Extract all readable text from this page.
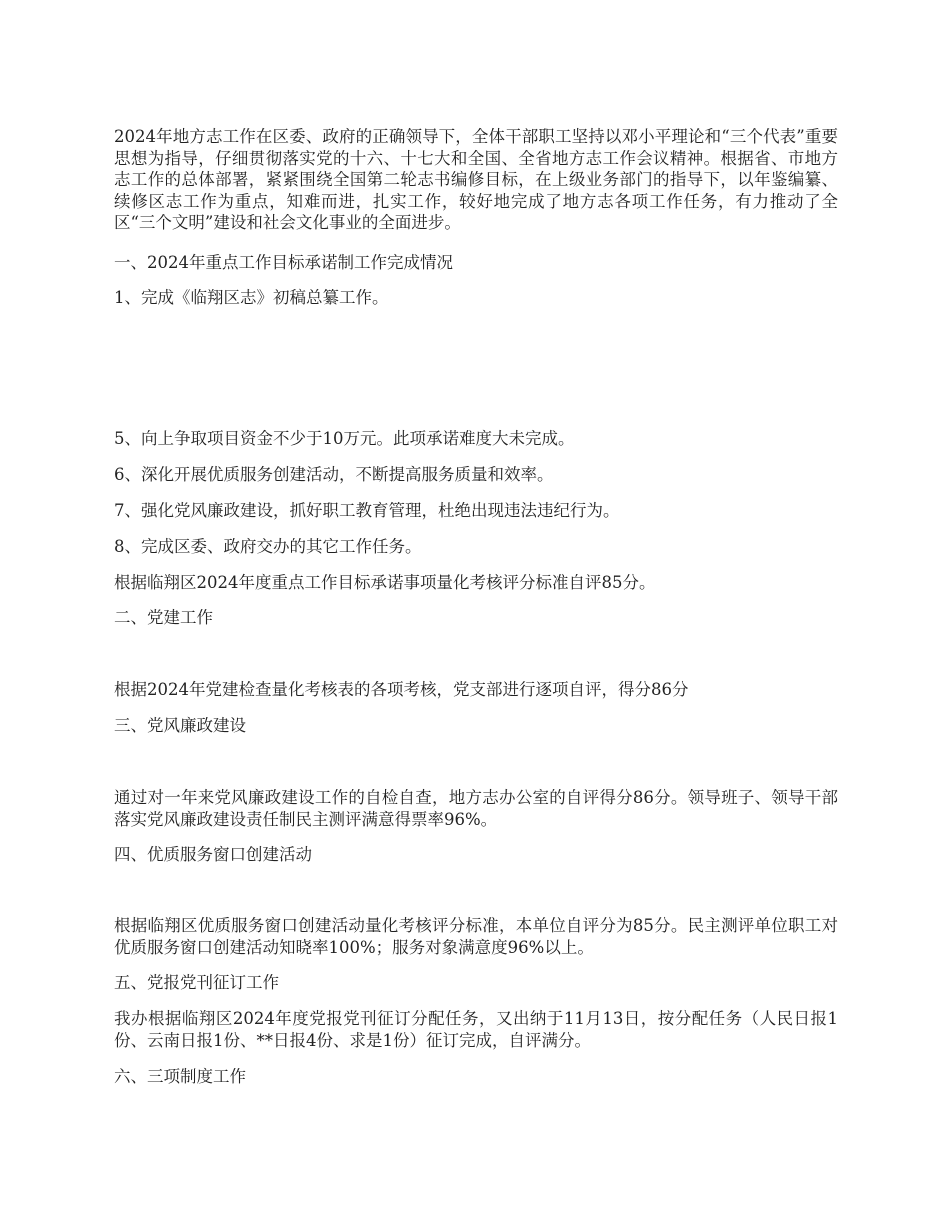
2024年地方志工作在区委、政府的正确领导下，全体干部职工坚持以邓小平理论和“三个代表”重要思想为指导，仔细贯彻落实党的十六、十七大和全国、全省地方志工作会议精神。根据省、市地方志工作的总体部署，紧紧围绕全国第二轮志书编修目标，在上级业务部门的指导下，以年鉴编纂、续修区志工作为重点，知难而进，扎实工作，较好地完成了地方志各项工作任务，有力推动了全区“三个文明”建设和社会文化事业的全面进步。

一、2024年重点工作目标承诺制工作完成情况

1、完成《临翔区志》初稿总纂工作。

5、向上争取项目资金不少于10万元。此项承诺难度大未完成。

6、深化开展优质服务创建活动，不断提高服务质量和效率。

7、强化党风廉政建设，抓好职工教育管理，杜绝出现违法违纪行为。

8、完成区委、政府交办的其它工作任务。

根据临翔区2024年度重点工作目标承诺事项量化考核评分标准自评85分。

二、党建工作

根据2024年党建检查量化考核表的各项考核，党支部进行逐项自评，得分86分

三、党风廉政建设

通过对一年来党风廉政建设工作的自检自查，地方志办公室的自评得分86分。领导班子、领导干部落实党风廉政建设责任制民主测评满意得票率96%。

四、优质服务窗口创建活动

根据临翔区优质服务窗口创建活动量化考核评分标准，本单位自评分为85分。民主测评单位职工对优质服务窗口创建活动知晓率100%；服务对象满意度96%以上。

五、党报党刊征订工作

我办根据临翔区2024年度党报党刊征订分配任务，又出纳于11月13日，按分配任务（人民日报1份、云南日报1份、**日报4份、求是1份）征订完成，自评满分。

六、三项制度工作
